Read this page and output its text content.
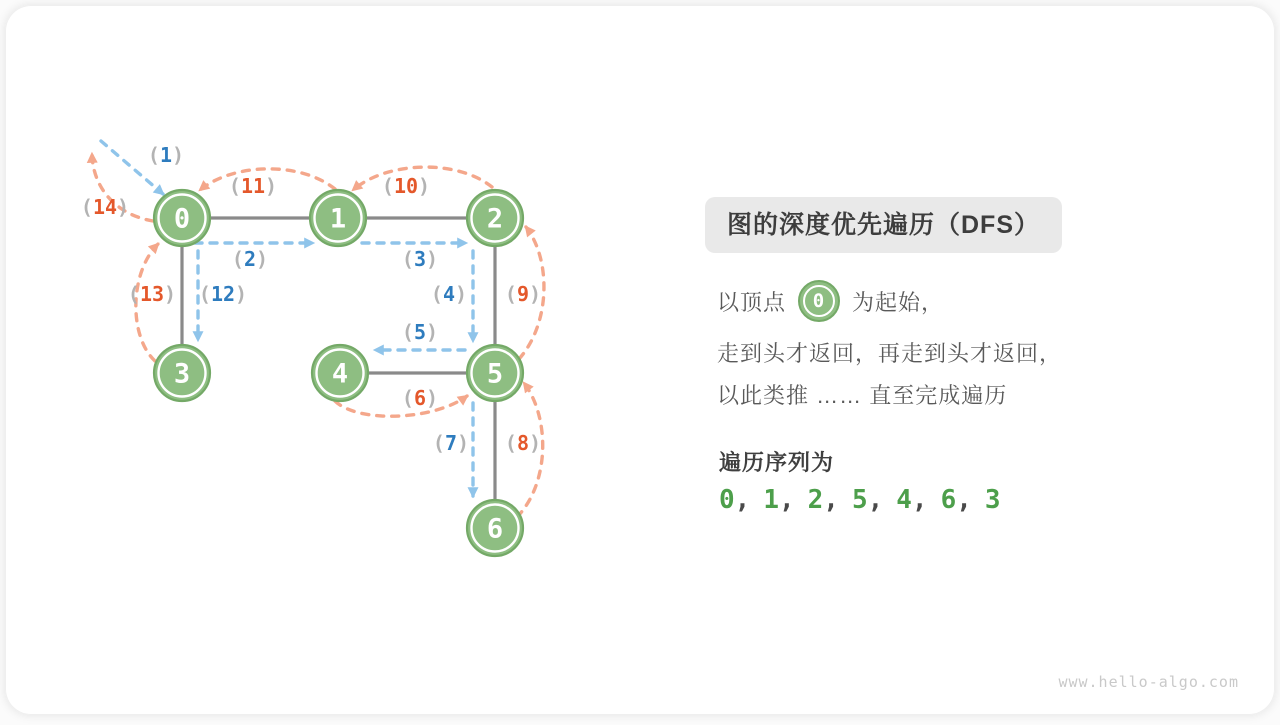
(1)
(2)	(3)
(4)
(5)
(6)
(7) (8)
(9)
(10)
(11)
(12)
(13)
(14) 0	1	2
3	4	5
6
图的深度优先遍历（DFS）
以顶点	0	为起始，
走到头才返回，再走到头才返回，
以此类推 …… 直至完成遍历
遍历序列为
0, 1, 2, 5, 4, 6, 3
www.hello-algo.com
